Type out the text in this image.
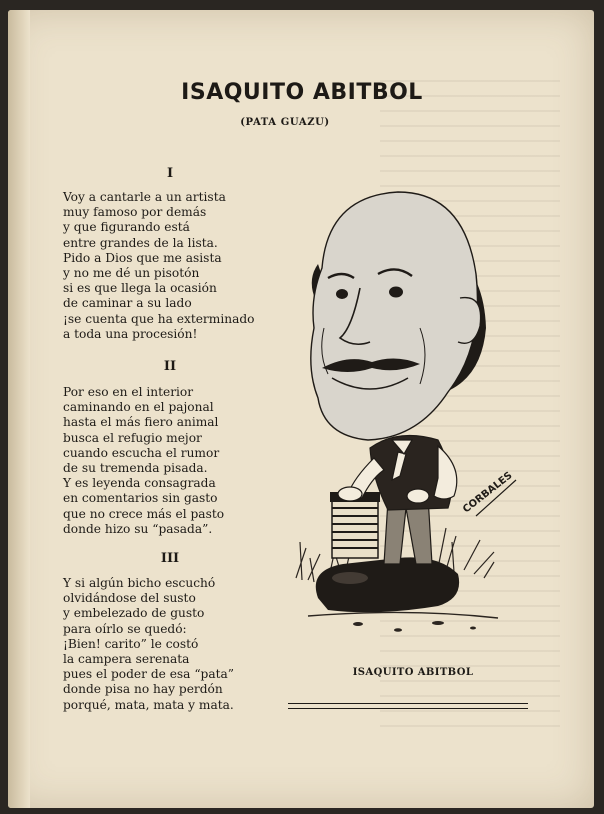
ISAQUITO ABITBOL
(PATA GUAZU)
I
Voy a cantarle a un artista
muy famoso por demás
y que figurando está
entre grandes de la lista.
Pido a Dios que me asista
y no me dé un pisotón
si es que llega la ocasión
de caminar a su lado
¡se cuenta que ha exterminado
a toda una procesión!
II
Por eso en el interior
caminando en el pajonal
hasta el más fiero animal
busca el refugio mejor
cuando escucha el rumor
de su tremenda pisada.
Y es leyenda consagrada
en comentarios sin gasto
que no crece más el pasto
donde hizo su “pasada”.
III
Y si algún bicho escuchó
olvidándose del susto
y embelezado de gusto
para oírlo se quedó:
¡Bien! carito” le costó
la campera serenata
pues el poder de esa “pata”
donde pisa no hay perdón
porqué, mata, mata y mata.
CORBALES
ISAQUITO ABITBOL
